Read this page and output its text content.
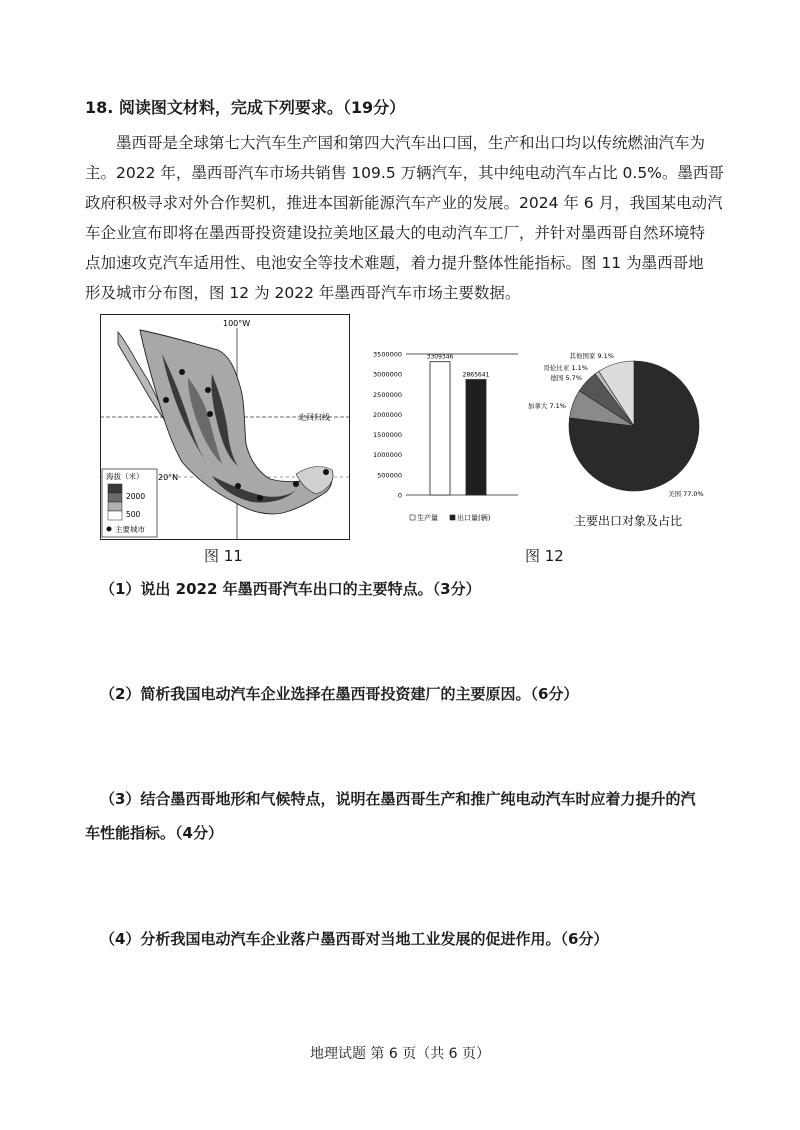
18. 阅读图文材料，完成下列要求。（19分）
墨西哥是全球第七大汽车生产国和第四大汽车出口国，生产和出口均以传统燃油汽车为
主。2022 年，墨西哥汽车市场共销售 109.5 万辆汽车，其中纯电动汽车占比 0.5%。墨西哥
政府积极寻求对外合作契机，推进本国新能源汽车产业的发展。2024 年 6 月，我国某电动汽
车企业宣布即将在墨西哥投资建设拉美地区最大的电动汽车工厂，并针对墨西哥自然环境特
点加速攻克汽车适用性、电池安全等技术难题，着力提升整体性能指标。图 11 为墨西哥地
形及城市分布图，图 12 为 2022 年墨西哥汽车市场主要数据。
100°W
北回归线
20°N
海拔（米）
2000
500
主要城市
图 11
0
500000
1000000
1500000
2000000
2500000
3000000
3500000	3309346
2865641
生产量	出口量(辆)
美国 77.0%
加拿大 7.1%
德国 5.7%
哥伦比亚 1.1%
其他国家 9.1%
主要出口对象及占比
图 12
（1）说出 2022 年墨西哥汽车出口的主要特点。（3分）
（2）简析我国电动汽车企业选择在墨西哥投资建厂的主要原因。（6分）
（3）结合墨西哥地形和气候特点，说明在墨西哥生产和推广纯电动汽车时应着力提升的汽
车性能指标。（4分）
（4）分析我国电动汽车企业落户墨西哥对当地工业发展的促进作用。（6分）
地理试题 第 6 页（共 6 页）
